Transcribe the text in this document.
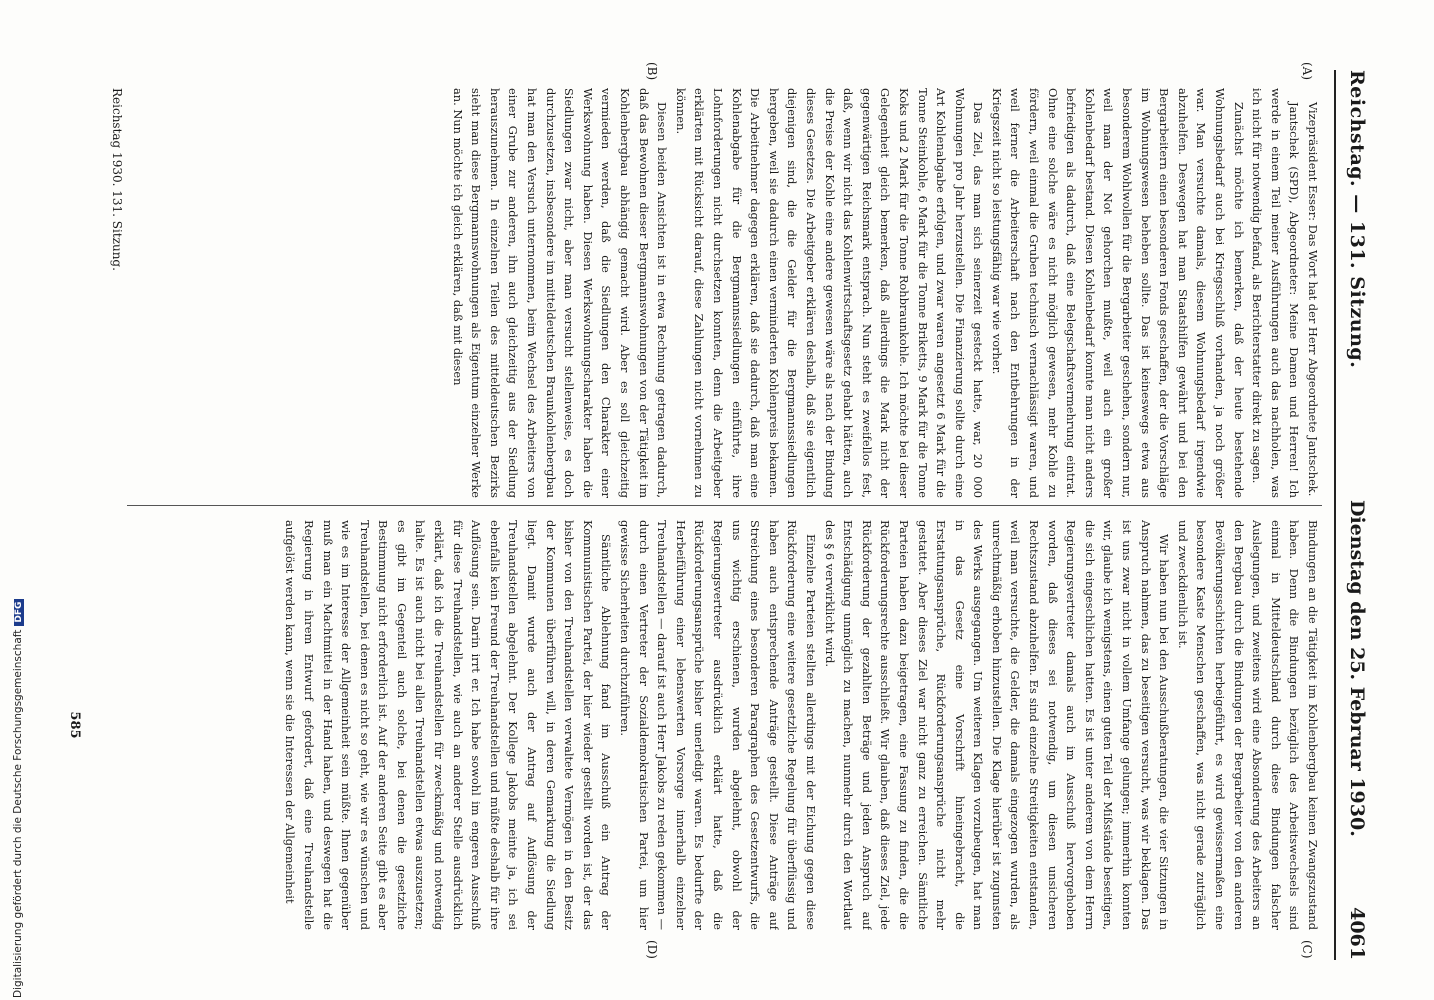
Reichstag. — 131. Sitzung.
Dienstag den 25. Februar 1930.
4061
(A)
(B)
(C)
(D)

Vizepräsident Esser: Das Wort hat der Herr Abgeordnete Jantschek.

Jantschek (SPD), Abgeordneter: Meine Damen und Herren! Ich werde in einem Teil meiner Ausführungen auch das nachholen, was ich nicht für notwendig befand, als Berichterstatter direkt zu sagen.

Zunächst möchte ich bemerken, daß der heute bestehende Wohnungsbedarf auch bei Kriegsschluß vorhanden, ja noch größer war. Man versuchte damals, diesem Wohnungsbedarf irgendwie abzuhelfen. Deswegen hat man Staatshilfen gewährt und bei den Bergarbeitern einen besonderen Fonds geschaffen, der die Vorschläge im Wohnungswesen beheben sollte. Das ist keineswegs etwa aus besonderem Wohlwollen für die Bergarbeiter geschehen, sondern nur, weil man der Not gehorchen mußte, weil auch ein großer Kohlenbedarf bestand. Diesen Kohlenbedarf konnte man nicht anders befriedigen als dadurch, daß eine Belegschaftsvermehrung eintrat. Ohne eine solche wäre es nicht möglich gewesen, mehr Kohle zu fördern, weil einmal die Gruben technisch vernachlässigt waren, und weil ferner die Arbeiterschaft nach den Entbehrungen in der Kriegszeit nicht so leistungsfähig war wie vorher.

Das Ziel, das man sich seinerzeit gesteckt hatte, war, 20 000 Wohnungen pro Jahr herzustellen. Die Finanzierung sollte durch eine Art Kohlenabgabe erfolgen, und zwar waren angesetzt 6 Mark für die Tonne Steinkohle, 6 Mark für die Tonne Briketts, 9 Mark für die Tonne Koks und 2 Mark für die Tonne Rohbraunkohle. Ich möchte bei dieser Gelegenheit gleich bemerken, daß allerdings die Mark nicht der gegenwärtigen Reichsmark entsprach. Nun steht es zweifellos fest, daß, wenn wir nicht das Kohlenwirtschaftsgesetz gehabt hätten, auch die Preise der Kohle eine andere gewesen wäre als nach der Bindung dieses Gesetzes. Die Arbeitgeber erklären deshalb, daß sie eigentlich diejenigen sind, die die Gelder für die Bergmannssiedlungen hergeben, weil sie dadurch einen verminderten Kohlenpreis bekamen. Die Arbeitnehmer dagegen erklären, daß sie dadurch, daß man eine Kohlenabgabe für die Bergmannssiedlungen einführte, ihre Lohnforderungen nicht durchsetzen konnten, denn die Arbeitgeber erklärten mit Rücksicht darauf, diese Zahlungen nicht vornehmen zu können.

Diesen beiden Ansichten ist in etwa Rechnung getragen dadurch, daß das Bewohnen dieser Bergmannswohnungen von der Tätigkeit im Kohlenbergbau abhängig gemacht wird. Aber es soll gleichzeitig vermieden werden, daß die Siedlungen den Charakter einer Werkswohnung haben. Diesen Werkswohnungscharakter haben die Siedlungen zwar nicht, aber man versucht stellenweise, es doch durchzusetzen, insbesondere im mitteldeutschen Braunkohlenbergbau hat man den Versuch unternommen, beim Wechsel des Arbeiters von einer Grube zur anderen, ihn auch gleichzeitig aus der Siedlung herauszunehmen. In einzelnen Teilen des mitteldeutschen Bezirks sieht man diese Bergmannswohnungen als Eigentum einzelner Werke an. Nun möchte ich gleich erklären, daß mit diesen

Bindungen an die Tätigkeit im Kohlenbergbau keinen Zwangszustand haben. Denn die Bindungen bezüglich des Arbeitswechsels sind einmal in Mitteldeutschland durch diese Bindungen falscher Auslegungen, und zweitens wird eine Absonderung des Arbeiters an den Bergbau durch die Bindungen der Bergarbeiter von den anderen Bevölkerungsschichten herbeigeführt, es wird gewissermaßen eine besondere Kaste Menschen geschaffen, was nicht gerade zuträglich und zweckdienlich ist.

Wir haben nun bei den Ausschußberatungen, die vier Sitzungen in Anspruch nahmen, das zu beseitigen versucht, was wir beklagen. Das ist uns zwar nicht in vollem Umfange gelungen; immerhin konnten wir, glaube ich wenigstens, einen guten Teil der Mißstände beseitigen, die sich eingeschlichen hatten. Es ist unter anderem von dem Herrn Regierungsvertreter damals auch im Ausschuß hervorgehoben worden, daß dieses sei notwendig, um diesen unsicheren Rechtszustand abzuhelfen. Es sind einzelne Streitigkeiten entstanden, weil man versuchte, die Gelder, die damals eingezogen wurden, als unrechtmäßig erhoben hinzustellen. Die Klage hierüber ist zugunsten des Werks ausgegangen. Um weiteren Klagen vorzubeugen, hat man in das Gesetz eine Vorschrift hineingebracht, die Erstattungsansprüche, Rückforderungsansprüche nicht mehr gestattet. Aber dieses Ziel war nicht ganz zu erreichen. Sämtliche Parteien haben dazu beigetragen, eine Fassung zu finden, die die Rückforderungsrechte ausschließt. Wir glauben, daß dieses Ziel, jede Rückforderung der gezahlten Beträge und jeden Anspruch auf Entschädigung unmöglich zu machen, nunmehr durch den Wortlaut des § 6 verwirklicht wird.

Einzelne Parteien stellten allerdings mit der Eichung gegen diese Rückforderung eine weitere gesetzliche Regelung für überflüssig und haben auch entsprechende Anträge gestellt. Diese Anträge auf Streichung eines besonderen Paragraphen des Gesetzentwurfs, die uns wichtig erschienen, wurden abgelehnt, obwohl der Regierungsvertreter ausdrücklich erklärt hatte, daß die Rückforderungsansprüche bisher unerledigt waren. Es bedurfte der Herbeiführung einer lebenswerten Vorsorge innerhalb einzelner Treuhandstellen — darauf ist auch Herr Jakobs zu reden gekommen — durch einen Vertreter der Sozialdemokratischen Partei, um hier gewisse Sicherheiten durchzuführen.

Sämtliche Ablehnung fand im Ausschuß ein Antrag der Kommunistischen Partei, der hier wieder gestellt worden ist, der das bisher von den Treuhandstellen verwaltete Vermögen in den Besitz der Kommunen überführen will, in deren Gemarkung die Siedlung liegt. Damit wurde auch der Antrag auf Auflösung der Treuhandstellen abgelehnt. Der Kollege Jakobs meinte ja, ich sei ebenfalls kein Freund der Treuhandstellen und müßte deshalb für ihre Auflösung sein. Darin irrt er. Ich habe sowohl im engeren Ausschuß für diese Treuhandstellen, wie auch an anderer Stelle ausdrücklich erklärt, daß ich die Treuhandstellen für zweckmäßig und notwendig halte. Es ist auch nicht bei allen Treuhandstellen etwas auszusetzen; es gibt im Gegenteil auch solche, bei denen die gesetzliche Bestimmung nicht erforderlich ist. Auf der anderen Seite gibt es aber Treuhandstellen, bei denen es nicht so geht, wie wir es wünschen und wie es im Interesse der Allgemeinheit sein müßte. Ihnen gegenüber muß man ein Machtmittel in der Hand haben, und deswegen hat die Regierung in ihrem Entwurf gefordert, daß eine Treuhandstelle aufgelöst werden kann, wenn sie die Interessen der Allgemeinheit

Reichstag 1930. 131. Sitzung.
585
Digitalisierung gefördert durch die Deutsche ForschungsgemeinschaftDFG
